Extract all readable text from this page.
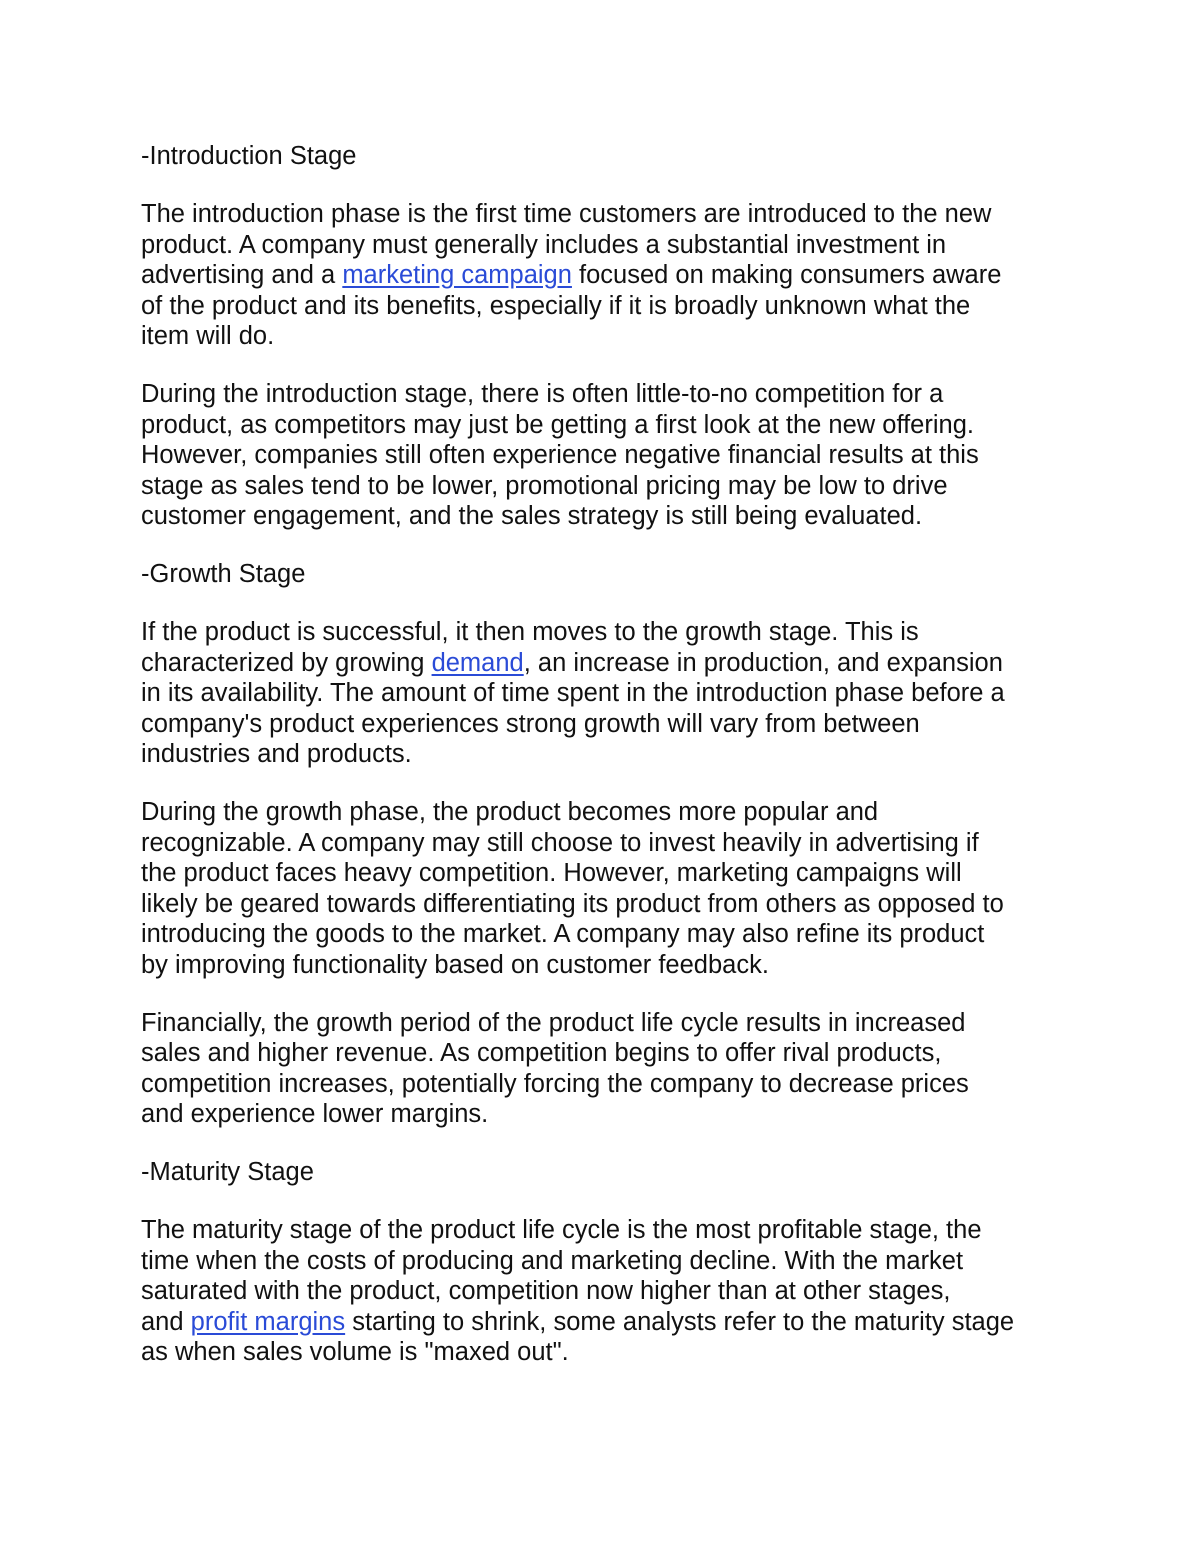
-Introduction Stage

The introduction phase is the first time customers are introduced to the new
product. A company must generally includes a substantial investment in
advertising and a marketing campaign focused on making consumers aware
of the product and its benefits, especially if it is broadly unknown what the
item will do.

During the introduction stage, there is often little-to-no competition for a
product, as competitors may just be getting a first look at the new offering.
However, companies still often experience negative financial results at this
stage as sales tend to be lower, promotional pricing may be low to drive
customer engagement, and the sales strategy is still being evaluated.

-Growth Stage

If the product is successful, it then moves to the growth stage. This is
characterized by growing demand, an increase in production, and expansion
in its availability. The amount of time spent in the introduction phase before a
company's product experiences strong growth will vary from between
industries and products.

During the growth phase, the product becomes more popular and
recognizable. A company may still choose to invest heavily in advertising if
the product faces heavy competition. However, marketing campaigns will
likely be geared towards differentiating its product from others as opposed to
introducing the goods to the market. A company may also refine its product
by improving functionality based on customer feedback.

Financially, the growth period of the product life cycle results in increased
sales and higher revenue. As competition begins to offer rival products,
competition increases, potentially forcing the company to decrease prices
and experience lower margins.

-Maturity Stage

The maturity stage of the product life cycle is the most profitable stage, the
time when the costs of producing and marketing decline. With the market
saturated with the product, competition now higher than at other stages,
and profit margins starting to shrink, some analysts refer to the maturity stage
as when sales volume is "maxed out".
